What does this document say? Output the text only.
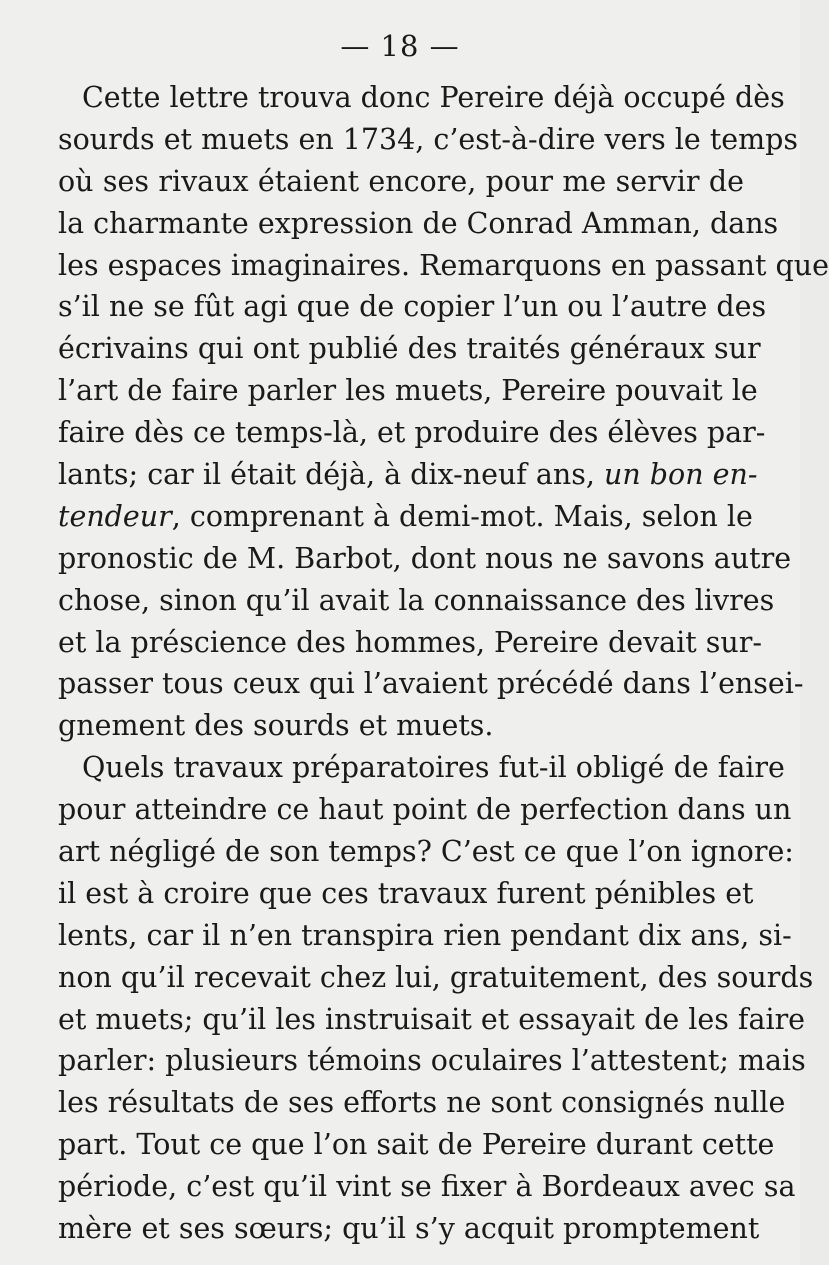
— 18 —
Cette lettre trouva donc Pereire déjà occupé dès
sourds et muets en 1734, c’est-à-dire vers le temps
où ses rivaux étaient encore, pour me servir de
la charmante expression de Conrad Amman, dans
les espaces imaginaires. Remarquons en passant que
s’il ne se fût agi que de copier l’un ou l’autre des
écrivains qui ont publié des traités généraux sur
l’art de faire parler les muets, Pereire pouvait le
faire dès ce temps-là, et produire des élèves par-
lants; car il était déjà, à dix-neuf ans, un bon en-
tendeur, comprenant à demi-mot. Mais, selon le
pronostic de M. Barbot, dont nous ne savons autre
chose, sinon qu’il avait la connaissance des livres
et la préscience des hommes, Pereire devait sur-
passer tous ceux qui l’avaient précédé dans l’ensei-
gnement des sourds et muets.
Quels travaux préparatoires fut-il obligé de faire
pour atteindre ce haut point de perfection dans un
art négligé de son temps? C’est ce que l’on ignore:
il est à croire que ces travaux furent pénibles et
lents, car il n’en transpira rien pendant dix ans, si-
non qu’il recevait chez lui, gratuitement, des sourds
et muets; qu’il les instruisait et essayait de les faire
parler: plusieurs témoins oculaires l’attestent; mais
les résultats de ses efforts ne sont consignés nulle
part. Tout ce que l’on sait de Pereire durant cette
période, c’est qu’il vint se fixer à Bordeaux avec sa
mère et ses sœurs; qu’il s’y acquit promptement
